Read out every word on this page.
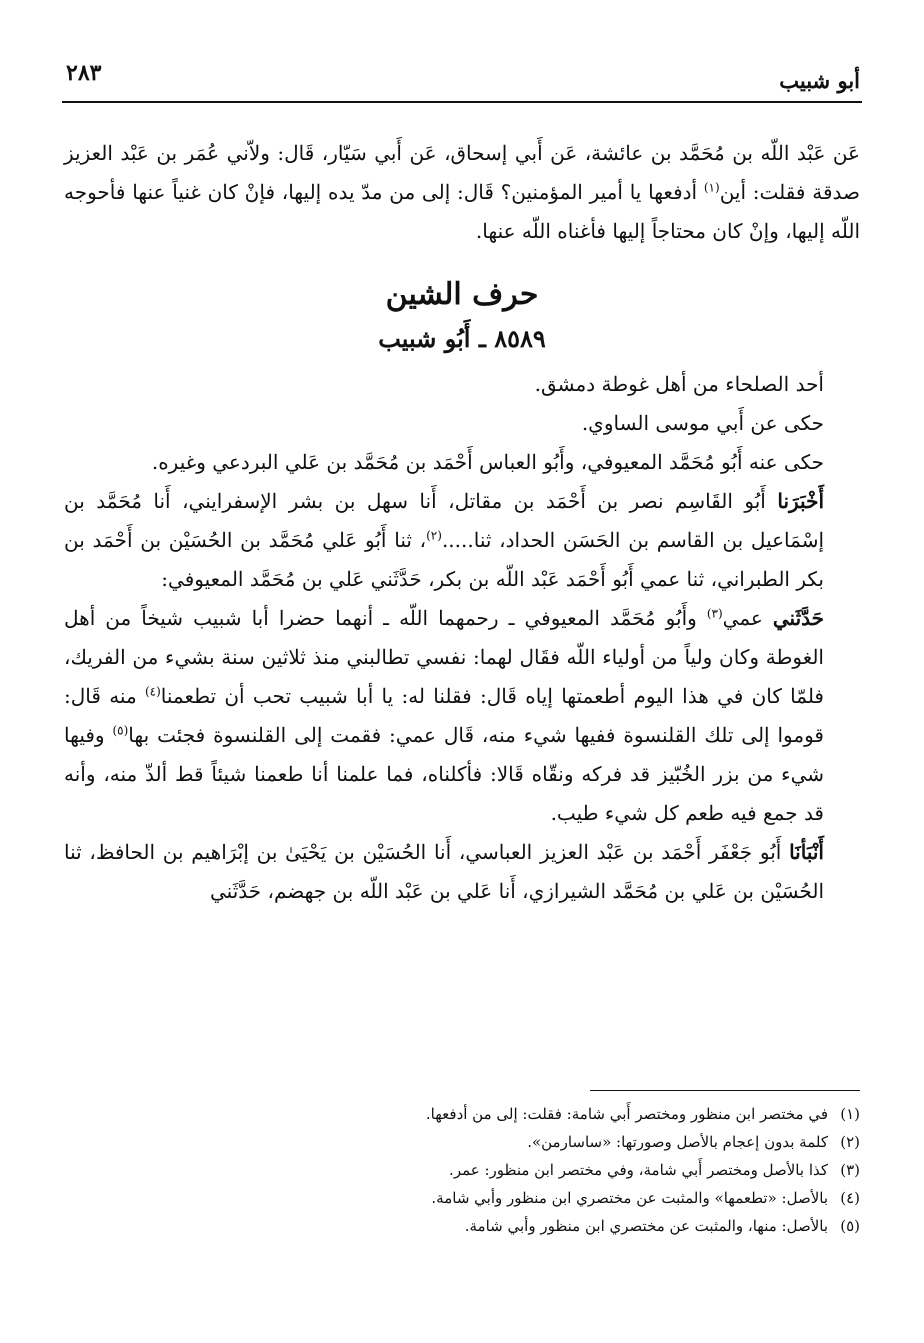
أبو شبيب
٢٨٣

عَن عَبْد اللّه بن مُحَمَّد بن عائشة، عَن أَبي إسحاق، عَن أَبي سَيّار، قَال: ولاّني عُمَر بن عَبْد العزيز صدقة فقلت: أين$^{(١)}$ أدفعها يا أمير المؤمنين؟ قَال: إلى من مدّ يده إليها، فإنْ كان غنياً عنها فأحوجه اللّه إليها، وإنْ كان محتاجاً إليها فأغناه اللّه عنها.

حرف الشين
٨٥٨٩ ـ أَبُو شبيب

أحد الصلحاء من أهل غوطة دمشق.

حكى عن أَبي موسى الساوي.

حكى عنه أَبُو مُحَمَّد المعيوفي، وأَبُو العباس أَحْمَد بن مُحَمَّد بن عَلي البردعي وغيره.

أَخْبَرَنا أَبُو القَاسِم نصر بن أَحْمَد بن مقاتل، أَنا سهل بن بشر الإسفرايني، أَنا مُحَمَّد بن إسْمَاعيل بن القاسم بن الحَسَن الحداد، ثنا.....$^{(٢)}$، ثنا أَبُو عَلي مُحَمَّد بن الحُسَيْن بن أَحْمَد بن بكر الطبراني، ثنا عمي أَبُو أَحْمَد عَبْد اللّه بن بكر، حَدَّثَني عَلي بن مُحَمَّد المعيوفي:

حَدَّثَني عمي$^{(٣)}$ وأَبُو مُحَمَّد المعيوفي ـ رحمهما اللّه ـ أنهما حضرا أبا شبيب شيخاً من أهل الغوطة وكان ولياً من أولياء اللّه فقَال لهما: نفسي تطالبني منذ ثلاثين سنة بشيء من الفريك، فلمّا كان في هذا اليوم أطعمتها إياه قَال: فقلنا له: يا أبا شبيب تحب أن تطعمنا$^{(٤)}$ منه قَال: قوموا إلى تلك القلنسوة ففيها شيء منه، قَال عمي: فقمت إلى القلنسوة فجئت بها$^{(٥)}$ وفيها شيء من بزر الخُبّيز قد فركه ونقّاه قَالا: فأكلناه، فما علمنا أنا طعمنا شيئاً قط ألذّ منه، وأنه قد جمع فيه طعم كل شيء طيب.

أَنْبَأنَا أَبُو جَعْفَر أَحْمَد بن عَبْد العزيز العباسي، أَنا الحُسَيْن بن يَحْيَىٰ بن إبْرَاهيم بن الحافظ، ثنا الحُسَيْن بن عَلي بن مُحَمَّد الشيرازي، أَنا عَلي بن عَبْد اللّه بن جهضم، حَدَّثَني

(١)في مختصر ابن منظور ومختصر أَبي شامة: فقلت: إلى من أدفعها.
(٢)كلمة بدون إعجام بالأصل وصورتها: «ساسارمن».
(٣)كذا بالأصل ومختصر أَبي شامة، وفي مختصر ابن منظور: عمر.
(٤)بالأصل: «تطعمها» والمثبت عن مختصري ابن منظور وأبي شامة.
(٥)بالأصل: منها، والمثبت عن مختصري ابن منظور وأبي شامة.
